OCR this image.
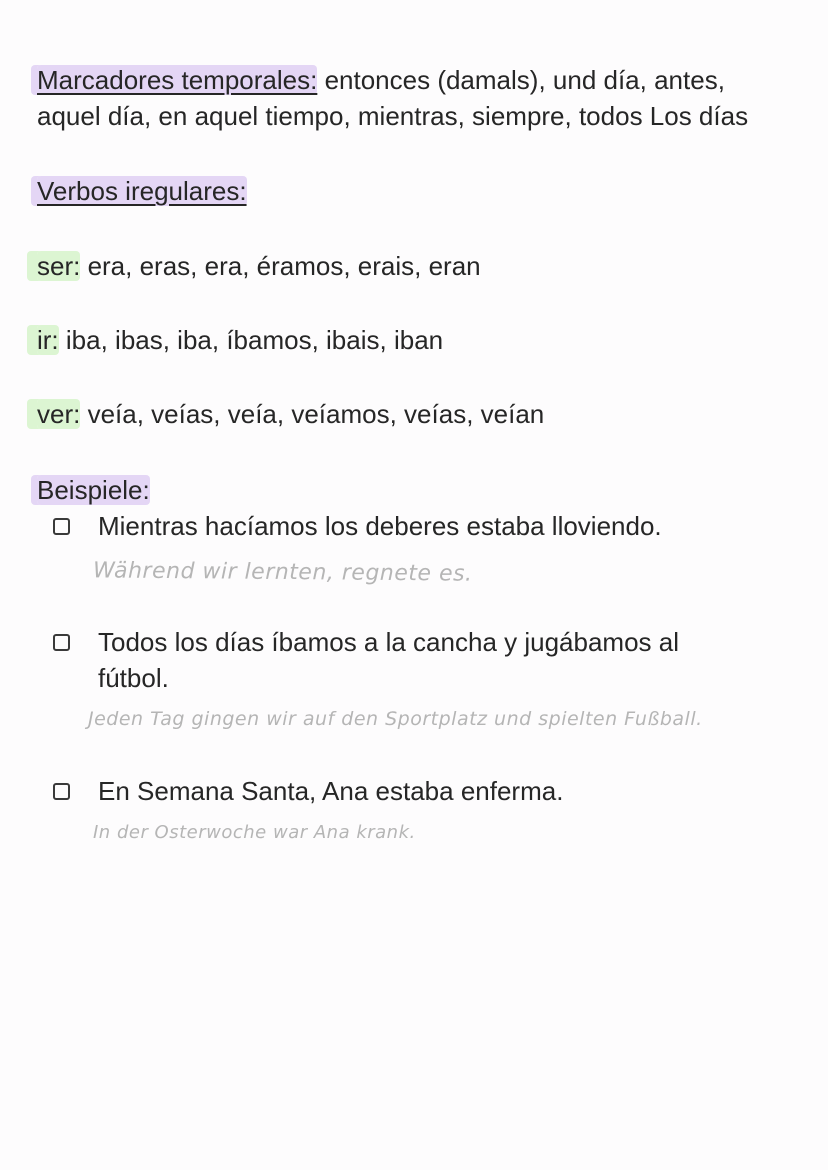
Marcadores temporales: entonces (damals), und día, antes,
aquel día, en aquel tiempo, mientras, siempre, todos Los días
Verbos iregulares:
ser: era, eras, era, éramos, erais, eran
ir: iba, ibas, iba, íbamos, ibais, iban
ver: veía, veías, veía, veíamos, veías, veían
Beispiele:
Mientras hacíamos los deberes estaba lloviendo.
Während wir lernten, regnete es.
Todos los días íbamos a la cancha y jugábamos al fútbol.
Jeden Tag gingen wir auf den Sportplatz und spielten Fußball.
En Semana Santa, Ana estaba enferma.
In der Osterwoche war Ana krank.
